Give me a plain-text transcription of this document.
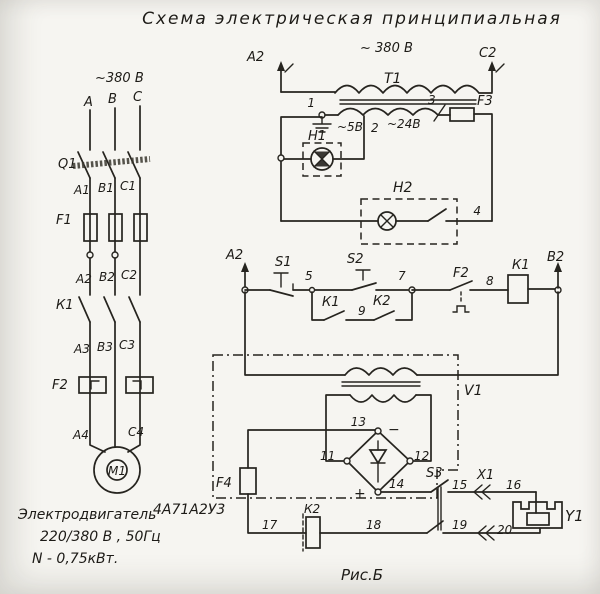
Схема электрическая принципиальная
~380 В
А В С
Q1
А1 В1 С1
F1
А2 В2 С2
К1
А3 В3 С3
F2
А4	С4
М1
Электродвигатель
4А71А2У3
220/380 В , 50Гц
N - 0,75кВт.
А2
~ 380 В	С2
Т1
1
~5В 2 ~24В
3	F3
Н1
Н2
4
А2 S1
5
S2
7	F2 8
К1
В2
К1
9
К2
V1
13 −
11	12
14
+
F4
17
К2
18
S3
15
19
X1
16
20
Y1
Рис.Б
